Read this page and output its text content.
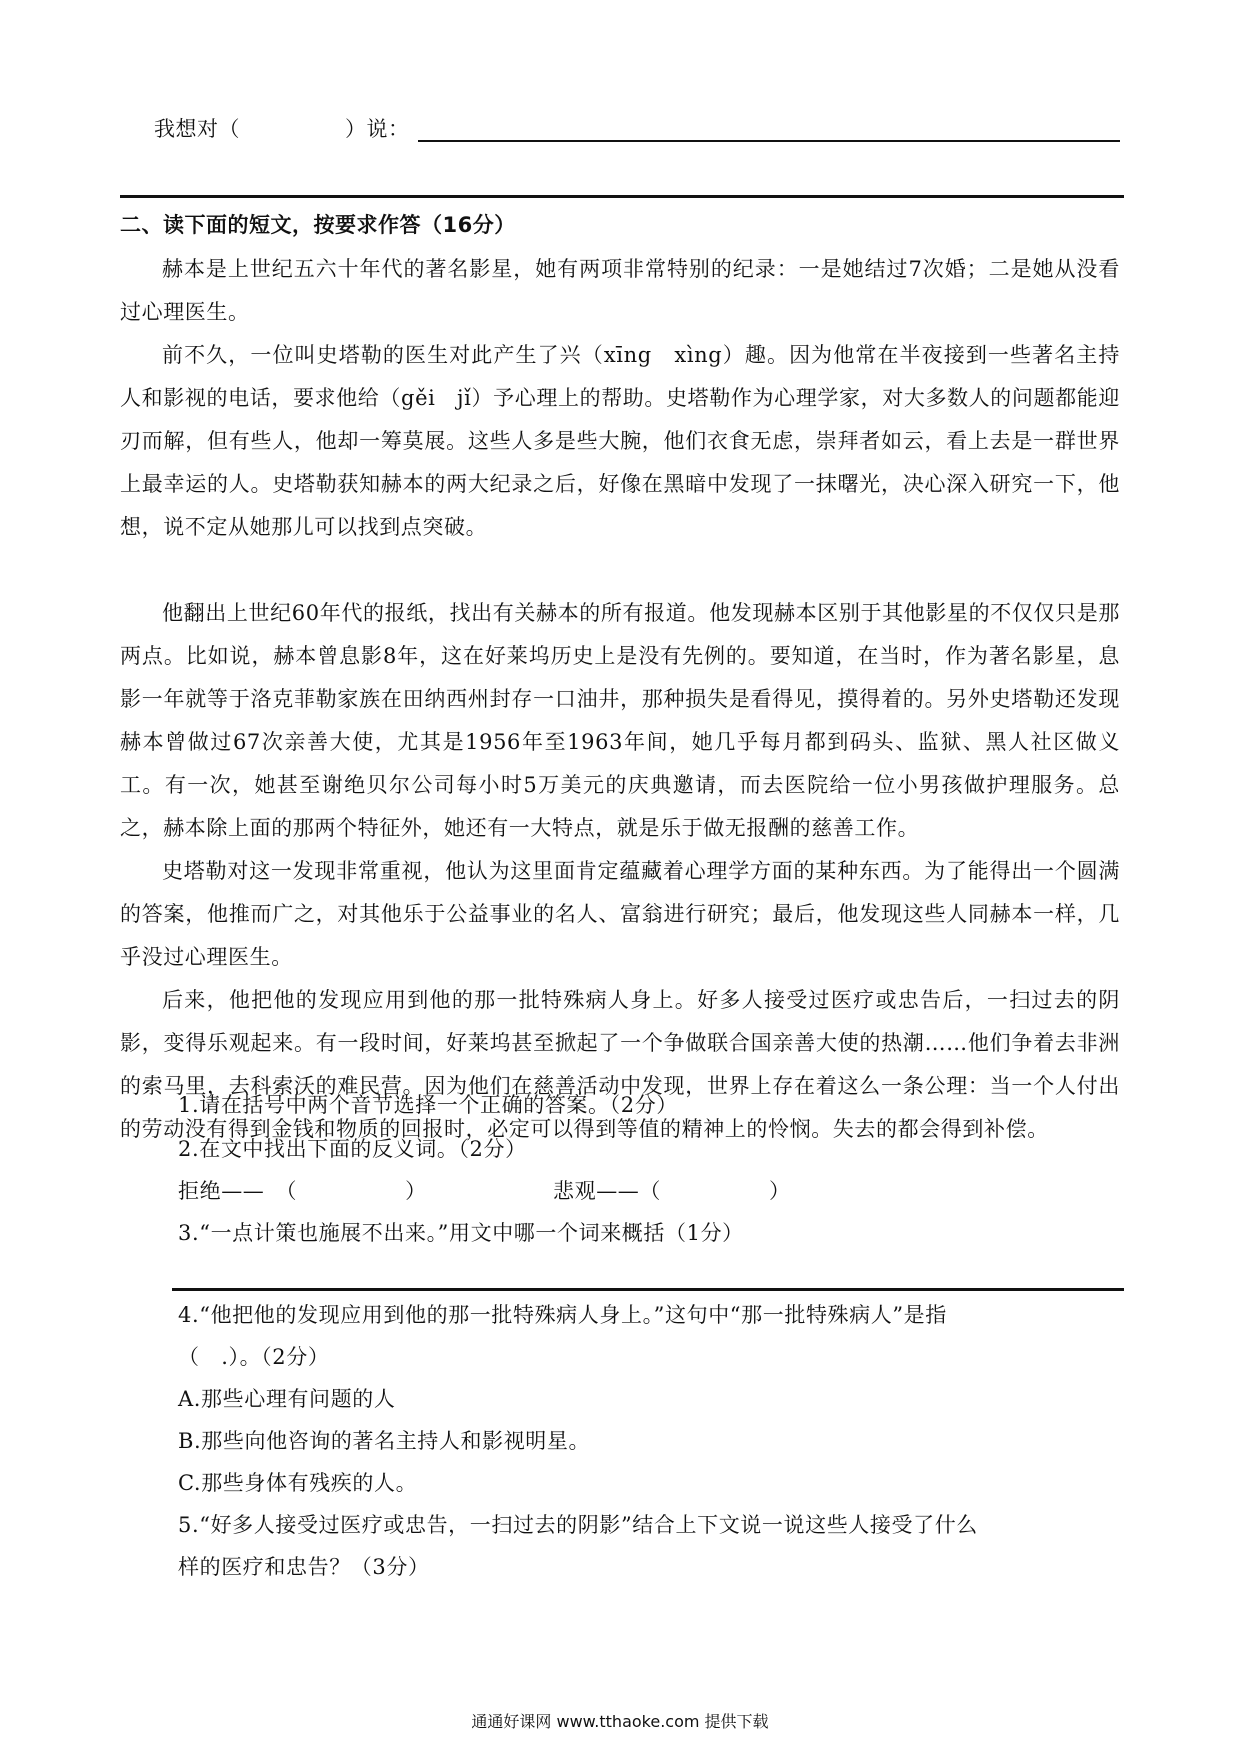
我想对（	）说：
二、读下面的短文，按要求作答（16分）
赫本是上世纪五六十年代的著名影星，她有两项非常特别的纪录：一是她结过7次婚；二是她从没看过心理医生。
前不久，一位叫史塔勒的医生对此产生了兴（xīng　xìng）趣。因为他常在半夜接到一些著名主持人和影视的电话，要求他给（gěi　jǐ）予心理上的帮助。史塔勒作为心理学家，对大多数人的问题都能迎刃而解，但有些人，他却一筹莫展。这些人多是些大腕，他们衣食无虑，崇拜者如云，看上去是一群世界上最幸运的人。史塔勒获知赫本的两大纪录之后，好像在黑暗中发现了一抹曙光，决心深入研究一下，他想，说不定从她那儿可以找到点突破。
他翻出上世纪60年代的报纸，找出有关赫本的所有报道。他发现赫本区别于其他影星的不仅仅只是那两点。比如说，赫本曾息影8年，这在好莱坞历史上是没有先例的。要知道，在当时，作为著名影星，息影一年就等于洛克菲勒家族在田纳西州封存一口油井，那种损失是看得见，摸得着的。另外史塔勒还发现赫本曾做过67次亲善大使，尤其是1956年至1963年间，她几乎每月都到码头、监狱、黑人社区做义工。有一次，她甚至谢绝贝尔公司每小时5万美元的庆典邀请，而去医院给一位小男孩做护理服务。总之，赫本除上面的那两个特征外，她还有一大特点，就是乐于做无报酬的慈善工作。
史塔勒对这一发现非常重视，他认为这里面肯定蕴藏着心理学方面的某种东西。为了能得出一个圆满的答案，他推而广之，对其他乐于公益事业的名人、富翁进行研究；最后，他发现这些人同赫本一样，几乎没过心理医生。
后来，他把他的发现应用到他的那一批特殊病人身上。好多人接受过医疗或忠告后，一扫过去的阴影，变得乐观起来。有一段时间，好莱坞甚至掀起了一个争做联合国亲善大使的热潮……他们争着去非洲的索马里，去科索沃的难民营。因为他们在慈善活动中发现，世界上存在着这么一条公理：当一个人付出的劳动没有得到金钱和物质的回报时，必定可以得到等值的精神上的怜悯。失去的都会得到补偿。
1.请在括号中两个音节选择一个正确的答案。（2分）
2.在文中找出下面的反义词。（2分）
拒绝——　（　　　　　）	悲观——（　　　　　）
3.“一点计策也施展不出来。”用文中哪一个词来概括（1分）
4.“他把他的发现应用到他的那一批特殊病人身上。”这句中“那一批特殊病人”是指
（　.）。（2分）
A.那些心理有问题的人
B.那些向他咨询的著名主持人和影视明星。
C.那些身体有残疾的人。
5.“好多人接受过医疗或忠告，一扫过去的阴影”结合上下文说一说这些人接受了什么
样的医疗和忠告？（3分）
通通好课网 www.tthaoke.com 提供下载
